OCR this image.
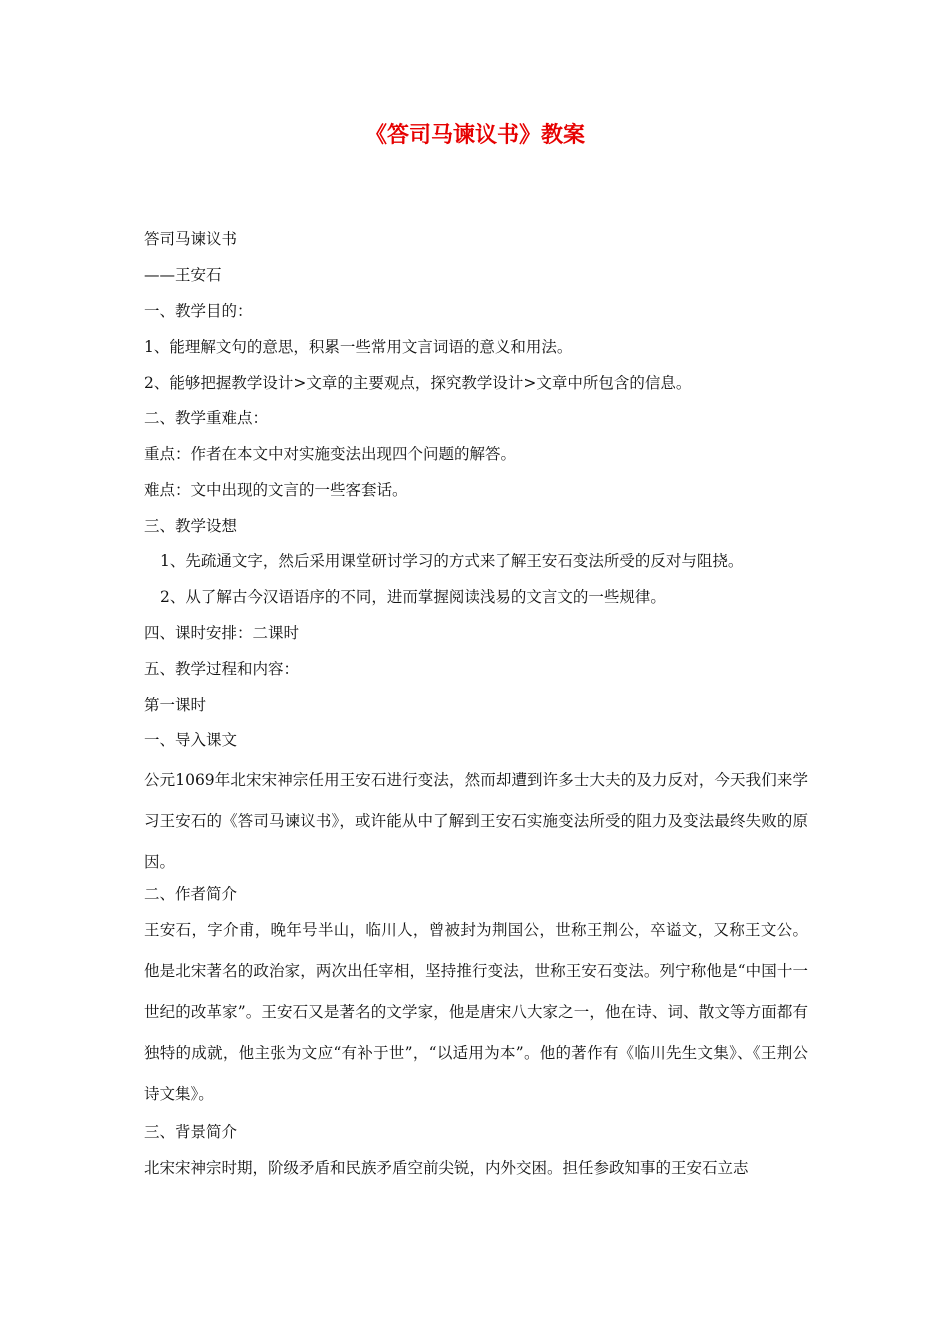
《答司马谏议书》教案
答司马谏议书
——王安石
一、教学目的：
1、能理解文句的意思，积累一些常用文言词语的意义和用法。
2、能够把握教学设计>文章的主要观点，探究教学设计>文章中所包含的信息。
二、教学重难点：
重点：作者在本文中对实施变法出现四个问题的解答。
难点：文中出现的文言的一些客套话。
三、教学设想
1、先疏通文字，然后采用课堂研讨学习的方式来了解王安石变法所受的反对与阻挠。
2、从了解古今汉语语序的不同，进而掌握阅读浅易的文言文的一些规律。
四、课时安排：二课时
五、教学过程和内容：
第一课时
一、导入课文
公元1069年北宋宋神宗任用王安石进行变法，然而却遭到许多士大夫的及力反对，今天我们来学习王安石的《答司马谏议书》，或许能从中了解到王安石实施变法所受的阻力及变法最终失败的原因。
二、作者简介
王安石，字介甫，晚年号半山，临川人，曾被封为荆国公，世称王荆公，卒谥文，又称王文公。他是北宋著名的政治家，两次出任宰相，坚持推行变法，世称王安石变法。列宁称他是“中国十一世纪的改革家”。王安石又是著名的文学家，他是唐宋八大家之一，他在诗、词、散文等方面都有独特的成就，他主张为文应“有补于世”，“以适用为本”。他的著作有《临川先生文集》、《王荆公诗文集》。
三、背景简介
北宋宋神宗时期，阶级矛盾和民族矛盾空前尖锐，内外交困。担任参政知事的王安石立志
